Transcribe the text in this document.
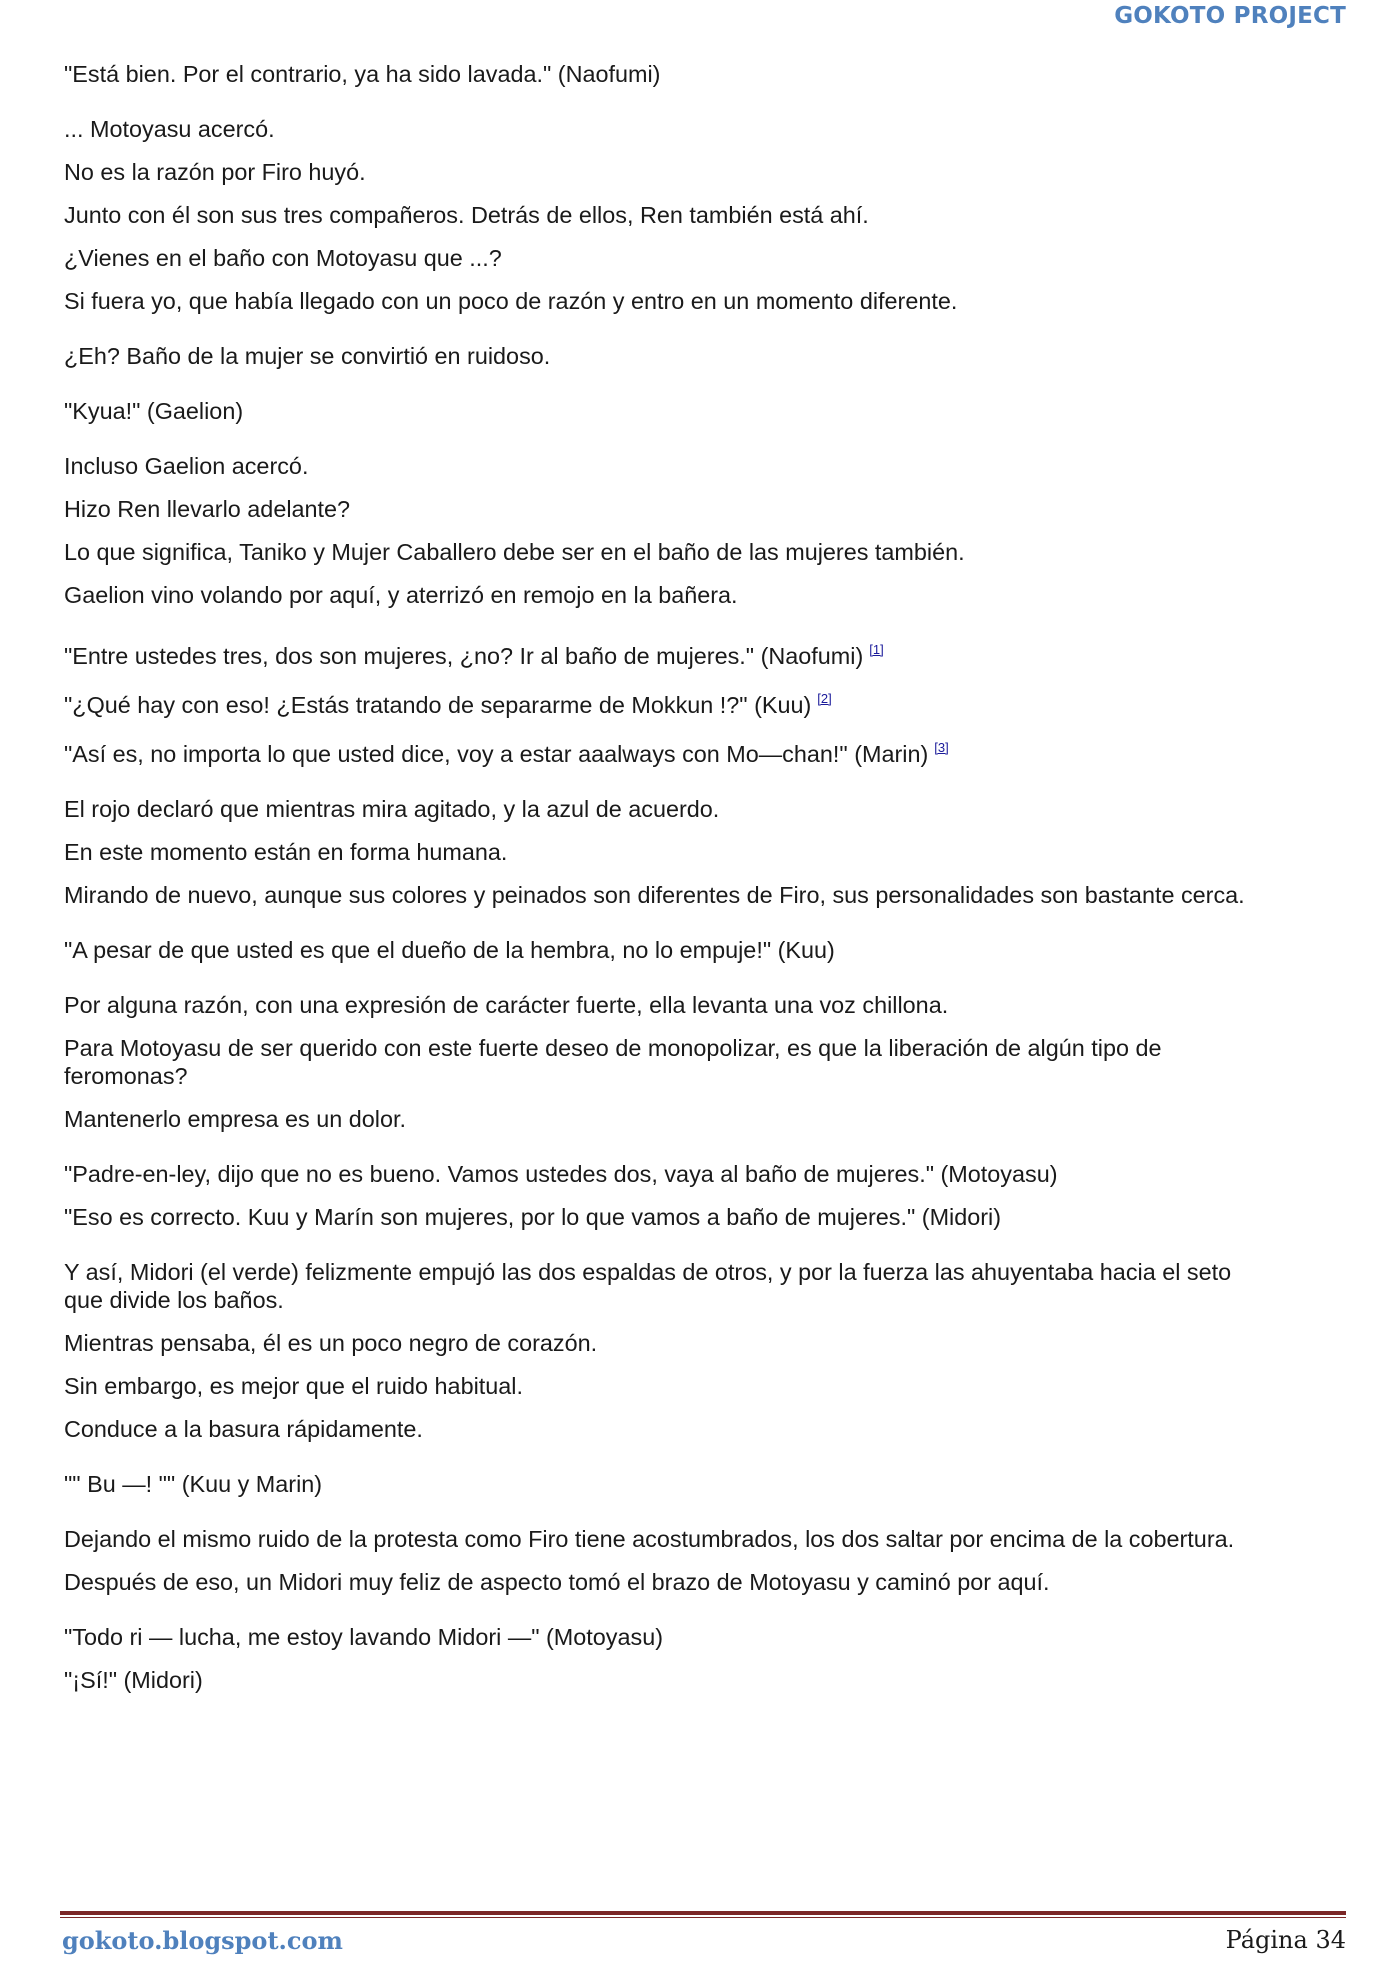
GOKOTO PROJECT
"Está bien. Por el contrario, ya ha sido lavada." (Naofumi)
... Motoyasu acercó.
No es la razón por Firo huyó.
Junto con él son sus tres compañeros. Detrás de ellos, Ren también está ahí.
¿Vienes en el baño con Motoyasu que ...?
Si fuera yo, que había llegado con un poco de razón y entro en un momento diferente.
¿Eh? Baño de la mujer se convirtió en ruidoso.
"Kyua!" (Gaelion)
Incluso Gaelion acercó.
Hizo Ren llevarlo adelante?
Lo que significa, Taniko y Mujer Caballero debe ser en el baño de las mujeres también.
Gaelion vino volando por aquí, y aterrizó en remojo en la bañera.
"Entre ustedes tres, dos son mujeres, ¿no? Ir al baño de mujeres." (Naofumi) [1]
"¿Qué hay con eso! ¿Estás tratando de separarme de Mokkun !?" (Kuu) [2]
"Así es, no importa lo que usted dice, voy a estar aaalways con Mo—chan!" (Marin) [3]
El rojo declaró que mientras mira agitado, y la azul de acuerdo.
En este momento están en forma humana.
Mirando de nuevo, aunque sus colores y peinados son diferentes de Firo, sus personalidades son bastante cerca.
"A pesar de que usted es que el dueño de la hembra, no lo empuje!" (Kuu)
Por alguna razón, con una expresión de carácter fuerte, ella levanta una voz chillona.
Para Motoyasu de ser querido con este fuerte deseo de monopolizar, es que la liberación de algún tipo de
feromonas?
Mantenerlo empresa es un dolor.
"Padre-en-ley, dijo que no es bueno. Vamos ustedes dos, vaya al baño de mujeres." (Motoyasu)
"Eso es correcto. Kuu y Marín son mujeres, por lo que vamos a baño de mujeres." (Midori)
Y así, Midori (el verde) felizmente empujó las dos espaldas de otros, y por la fuerza las ahuyentaba hacia el seto
que divide los baños.
Mientras pensaba, él es un poco negro de corazón.
Sin embargo, es mejor que el ruido habitual.
Conduce a la basura rápidamente.
"" Bu —! "" (Kuu y Marin)
Dejando el mismo ruido de la protesta como Firo tiene acostumbrados, los dos saltar por encima de la cobertura.
Después de eso, un Midori muy feliz de aspecto tomó el brazo de Motoyasu y caminó por aquí.
"Todo ri — lucha, me estoy lavando Midori —" (Motoyasu)
"¡Sí!" (Midori)
gokoto.blogspot.com	Página 34
